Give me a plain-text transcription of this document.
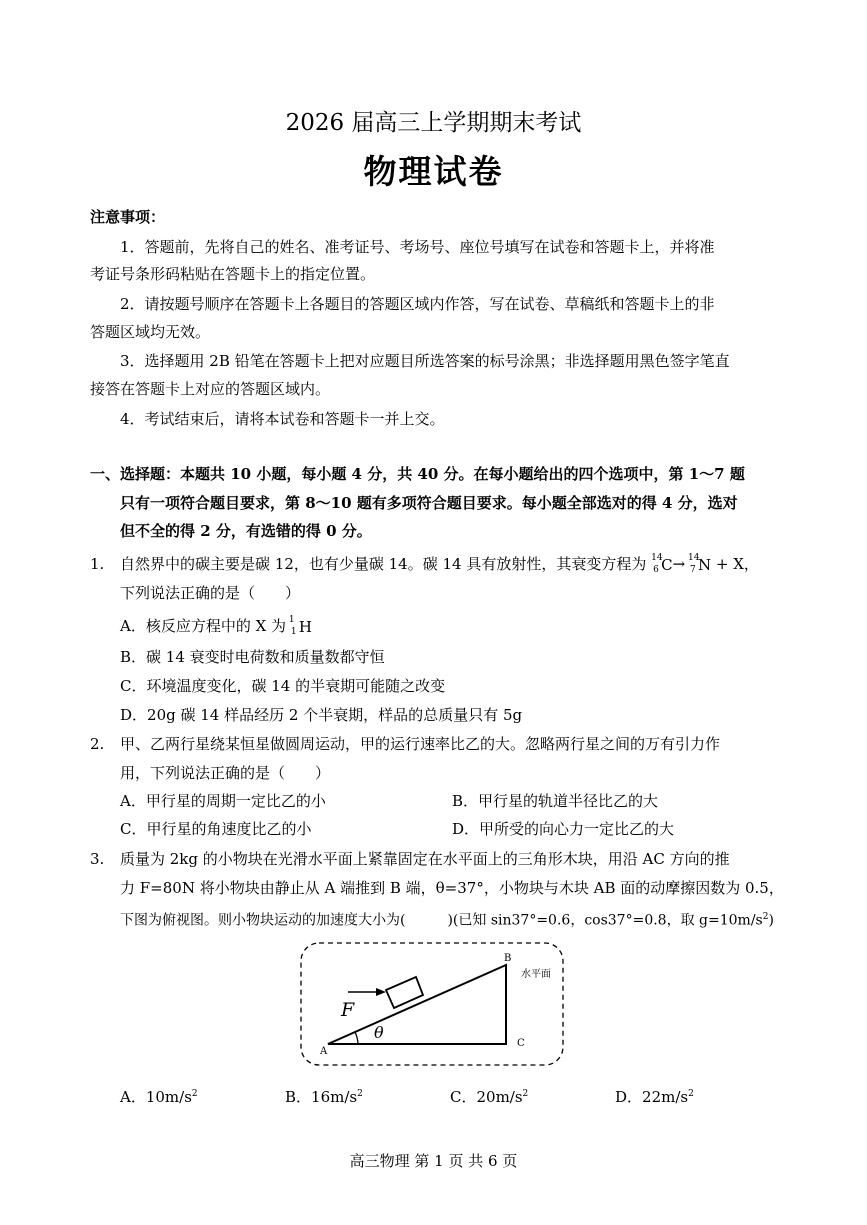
2026 届高三上学期期末考试
物理试卷
注意事项：
1．答题前，先将自己的姓名、准考证号、考场号、座位号填写在试卷和答题卡上，并将准
考证号条形码粘贴在答题卡上的指定位置。
2．请按题号顺序在答题卡上各题目的答题区域内作答，写在试卷、草稿纸和答题卡上的非
答题区域均无效。
3．选择题用 2B 铅笔在答题卡上把对应题目所选答案的标号涂黑；非选择题用黑色签字笔直
接答在答题卡上对应的答题区域内。
4．考试结束后，请将本试卷和答题卡一并上交。
一、选择题：本题共 10 小题，每小题 4 分，共 40 分。在每小题给出的四个选项中，第 1～7 题
只有一项符合题目要求，第 8～10 题有多项符合题目要求。每小题全部选对的得 4 分，选对
但不全的得 2 分，有选错的得 0 分。
1. 自然界中的碳主要是碳 12，也有少量碳 14。碳 14 具有放射性，其衰变方程为 14
6 C→ 14
7 N + X，
下列说法正确的是（　　）
A．核反应方程中的 X 为
1
1 H
B．碳 14 衰变时电荷数和质量数都守恒
C．环境温度变化，碳 14 的半衰期可能随之改变
D．20g 碳 14 样品经历 2 个半衰期，样品的总质量只有 5g
2. 甲、乙两行星绕某恒星做圆周运动，甲的运行速率比乙的大。忽略两行星之间的万有引力作
用，下列说法正确的是（　　）
A．甲行星的周期一定比乙的小	B．甲行星的轨道半径比乙的大
C．甲行星的角速度比乙的小	D．甲所受的向心力一定比乙的大
3. 质量为 2kg 的小物块在光滑水平面上紧靠固定在水平面上的三角形木块，用沿 AC 方向的推
力 F=80N 将小物块由静止从 A 端推到 B 端，θ=37°，小物块与木块 AB 面的动摩擦因数为 0.5，
下图为俯视图。则小物块运动的加速度大小为(　　　)(已知 sin37°=0.6，cos37°=0.8，取 $g=10m/s^2$)
F
θ
A
B
C
水平面
A．$10m/s^2$	B．$16m/s^2$	C．$20m/s^2$	D．$22m/s^2$
高三物理 第 1 页 共 6 页
